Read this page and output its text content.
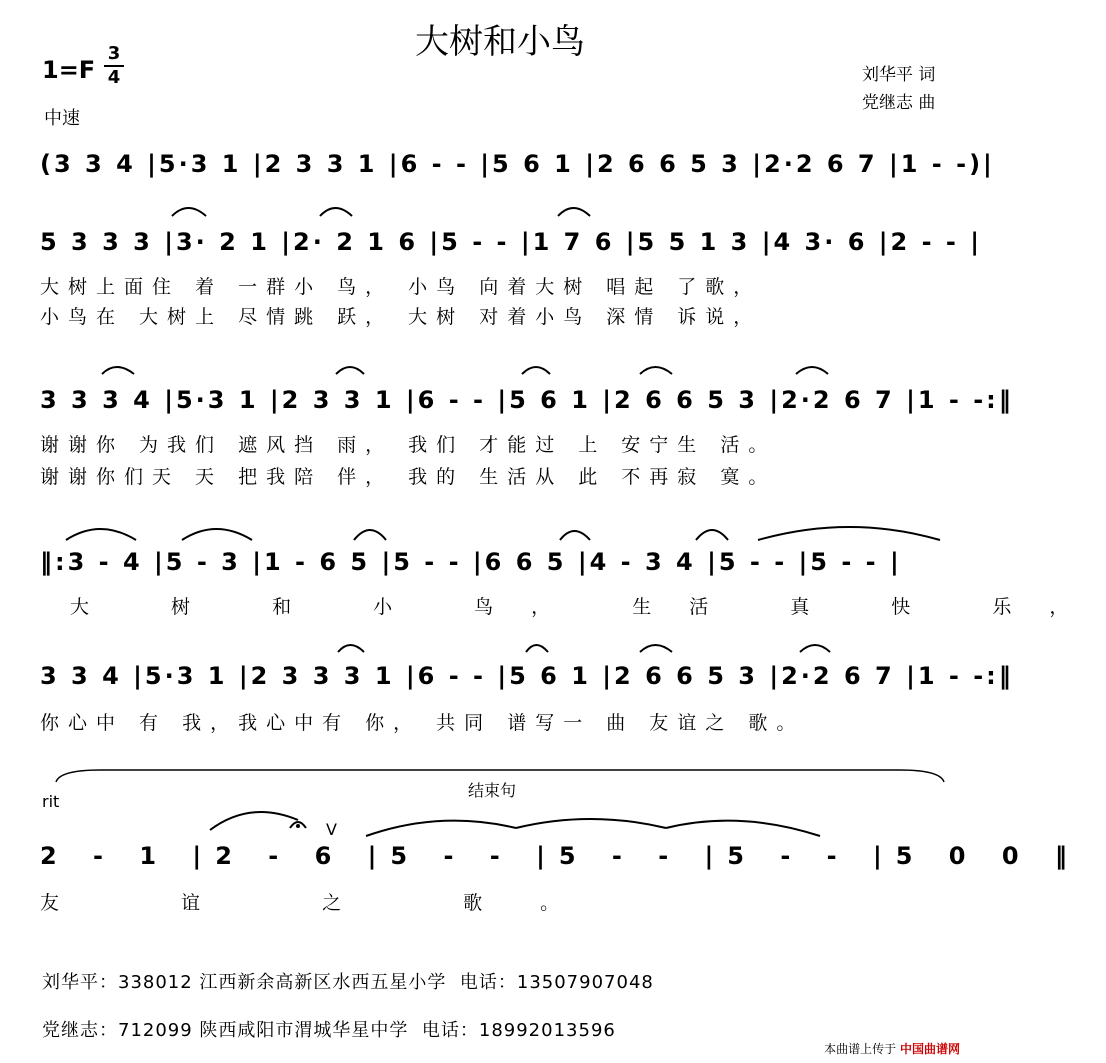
大树和小鸟
1=F
3
4
中速
刘华平 词
党继志 曲
(3 3 4 |5·3 1 |2 3 3 1 |6 - - |5 6 1 |2 6 6 5 3 |2·2 6 7 |1 - -)|
5 3 3 3 |3· 2 1 |2· 2 1 6 |5 - - |1 7 6 |5 5 1 3 |4 3· 6 |2 - - |
大树上面住 着 一群小 鸟， 小鸟 向着大树 唱起 了歌，
小鸟在 大树上 尽情跳 跃， 大树 对着小鸟 深情 诉说，
3 3 3 4 |5·3 1 |2 3 3 1 |6 - - |5 6 1 |2 6 6 5 3 |2·2 6 7 |1 - -:‖
谢谢你 为我们 遮风挡 雨， 我们 才能过 上 安宁生 活。
谢谢你们天 天 把我陪 伴， 我的 生活从 此 不再寂 寞。
‖:3 - 4 |5 - 3 |1 - 6 5 |5 - - |6 6 5 |4 - 3 4 |5 - - |5 - - |
大 树 和 小 鸟， 生活 真 快 乐，
3 3 4 |5·3 1 |2 3 3 3 1 |6 - - |5 6 1 |2 6 6 5 3 |2·2 6 7 |1 - -:‖
你心中 有 我，我心中有 你， 共同 谱写一 曲 友谊之 歌。
rit
结束句
V
2 - 1 |2 - 6 |5 - - |5 - - |5 - - |5 0 0 ‖
友 谊 之 歌。
刘华平：338012 江西新余高新区水西五星小学  电话：13507907048
党继志：712099 陕西咸阳市渭城华星中学  电话：18992013596
本曲谱上传于 中国曲谱网
